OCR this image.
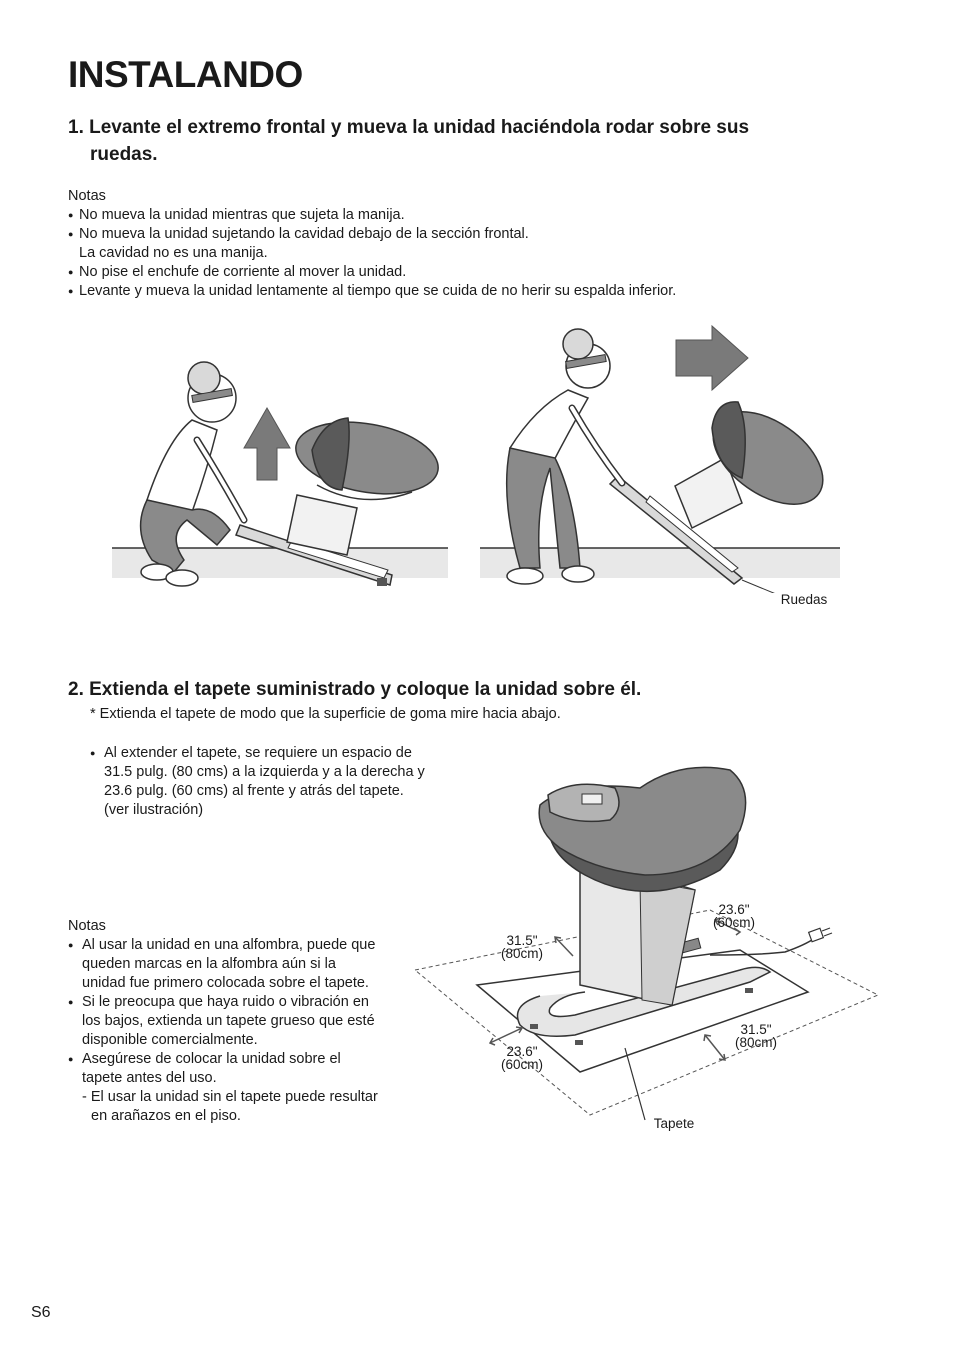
INSTALANDO

1. Levante el extremo frontal y mueva la unidad haciéndola rodar sobre sus

ruedas.

Notas
● No mueva la unidad mientras que sujeta la manija.
● No mueva la unidad sujetando la cavidad debajo de la sección frontal.
La cavidad no es una manija.
● No pise el enchufe de corriente al mover la unidad.
● Levante y mueva la unidad lentamente al tiempo que se cuida de no herir su espalda inferior.
Ruedas

2. Extienda el tapete suministrado y coloque la unidad sobre él.

* Extienda el tapete de modo que la superficie de goma mire hacia abajo.
● Al extender el tapete, se requiere un espacio de
31.5 pulg. (80 cms) a la izquierda y a la derecha y
23.6 pulg. (60 cms) al frente y atrás del tapete.
(ver ilustración)
Notas
● Al usar la unidad en una alfombra, puede que
queden marcas en la alfombra aún si la
unidad fue primero colocada sobre el tapete.
● Si le preocupa que haya ruido o vibración en
los bajos, extienda un tapete grueso que esté
disponible comercialmente.
● Asegúrese de colocar la unidad sobre el
tapete antes del uso.
- El usar la unidad sin el tapete puede resultar
en arañazos en el piso.
23.6"
(60cm)
31.5"
(80cm)
31.5"
(80cm)
23.6"
(60cm)
Tapete
S6
